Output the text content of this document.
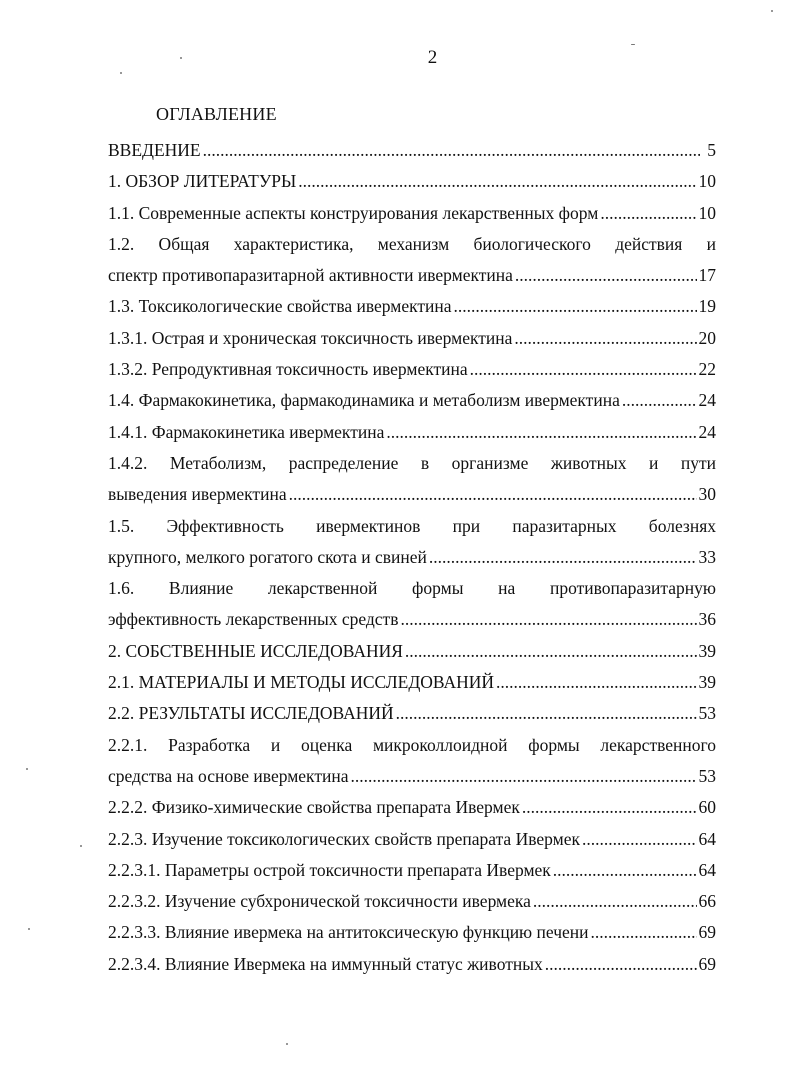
2
ОГЛАВЛЕНИЕ
ВВЕДЕНИЕ .....	5
1. ОБЗОР ЛИТЕРАТУРЫ .....	10
1.1. Современные аспекты конструирования лекарственных форм .....	10
1.2. Общая характеристика, механизм биологического действия и
спектр противопаразитарной активности ивермектина .....	17
1.3. Токсикологические свойства ивермектина .....	19
1.3.1. Острая и хроническая токсичность ивермектина .....	20
1.3.2. Репродуктивная токсичность ивермектина .....	22
1.4. Фармакокинетика, фармакодинамика и метаболизм ивермектина .....	24
1.4.1. Фармакокинетика ивермектина .....	24
1.4.2. Метаболизм, распределение в организме животных и пути
выведения ивермектина .....	30
1.5. Эффективность ивермектинов при паразитарных болезнях
крупного, мелкого рогатого скота и свиней .....	33
1.6. Влияние лекарственной формы на противопаразитарную
эффективность лекарственных средств .....	36
2. СОБСТВЕННЫЕ ИССЛЕДОВАНИЯ .....	39
2.1. МАТЕРИАЛЫ И МЕТОДЫ ИССЛЕДОВАНИЙ .....	39
2.2. РЕЗУЛЬТАТЫ ИССЛЕДОВАНИЙ .....	53
2.2.1. Разработка и оценка микроколлоидной формы лекарственного
средства на основе ивермектина .....	53
2.2.2. Физико-химические свойства препарата Ивермек .....	60
2.2.3. Изучение токсикологических свойств препарата Ивермек .....	64
2.2.3.1. Параметры острой токсичности препарата Ивермек .....	64
2.2.3.2. Изучение субхронической токсичности ивермека .....	66
2.2.3.3. Влияние ивермека на антитоксическую функцию печени .....	69
2.2.3.4. Влияние Ивермека на иммунный статус животных .....	69
